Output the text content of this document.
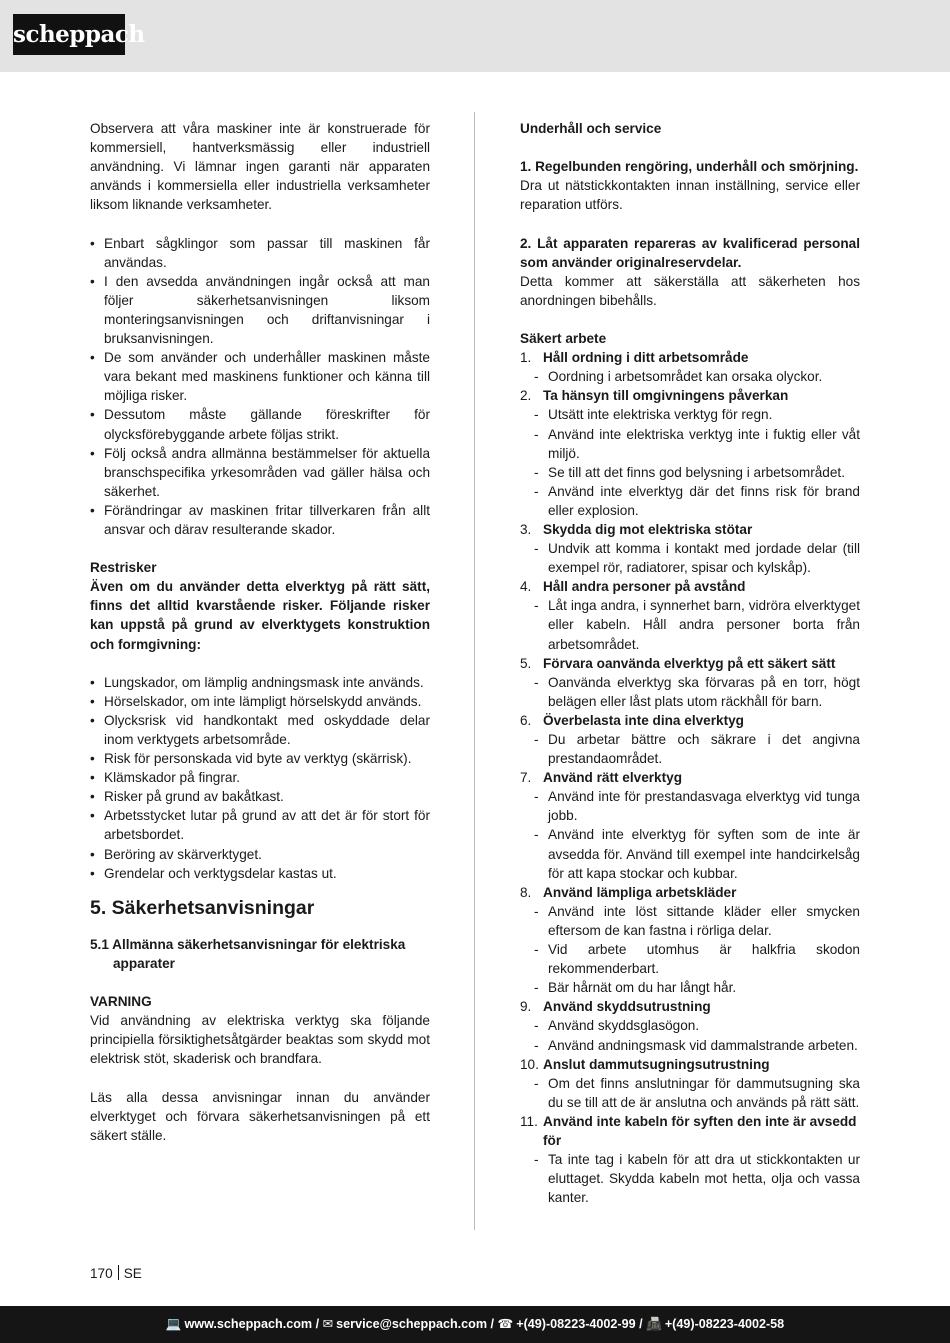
scheppach

Observera att våra maskiner inte är konstruerade för kommersiell, hantverksmässig eller industriell användning. Vi lämnar ingen garanti när apparaten används i kommersiella eller industriella verksamheter liksom liknande verksamheter.

• Enbart sågklingor som passar till maskinen får användas.
• I den avsedda användningen ingår också att man följer säkerhetsanvisningen liksom monteringsanvisningen och driftanvisningar i bruksanvisningen.
• De som använder och underhåller maskinen måste vara bekant med maskinens funktioner och känna till möjliga risker.
• Dessutom måste gällande föreskrifter för olycksförebyggande arbete följas strikt.
• Följ också andra allmänna bestämmelser för aktuella branschspecifika yrkesområden vad gäller hälsa och säkerhet.
• Förändringar av maskinen fritar tillverkaren från allt ansvar och därav resulterande skador.

Restrisker

Även om du använder detta elverktyg på rätt sätt, finns det alltid kvarstående risker. Följande risker kan uppstå på grund av elverktygets konstruktion och formgivning:

• Lungskador, om lämplig andningsmask inte används.
• Hörselskador, om inte lämpligt hörselskydd används.
• Olycksrisk vid handkontakt med oskyddade delar inom verktygets arbetsområde.
• Risk för personskada vid byte av verktyg (skärrisk).
• Klämskador på fingrar.
• Risker på grund av bakåtkast.
• Arbetsstycket lutar på grund av att det är för stort för arbetsbordet.
• Beröring av skärverktyget.
• Grendelar och verktygsdelar kastas ut.

5. Säkerhetsanvisningar

5.1 Allmänna säkerhetsanvisningar för elektriska apparater

VARNING

Vid användning av elektriska verktyg ska följande principiella försiktighetsåtgärder beaktas som skydd mot elektrisk stöt, skaderisk och brandfara.

Läs alla dessa anvisningar innan du använder elverktyget och förvara säkerhetsanvisningen på ett säkert ställe.

Underhåll och service

1. Regelbunden rengöring, underhåll och smörjning.

Dra ut nätstickkontakten innan inställning, service eller reparation utförs.

2. Låt apparaten repareras av kvalificerad personal som använder originalreservdelar.

Detta kommer att säkerställa att säkerheten hos anordningen bibehålls.

Säkert arbete

1. Håll ordning i ditt arbetsområde
- Oordning i arbetsområdet kan orsaka olyckor.
2. Ta hänsyn till omgivningens påverkan
- Utsätt inte elektriska verktyg för regn.
- Använd inte elektriska verktyg inte i fuktig eller våt miljö.
- Se till att det finns god belysning i arbetsområdet.
- Använd inte elverktyg där det finns risk för brand eller explosion.
3. Skydda dig mot elektriska stötar
- Undvik att komma i kontakt med jordade delar (till exempel rör, radiatorer, spisar och kylskåp).
4. Håll andra personer på avstånd
- Låt inga andra, i synnerhet barn, vidröra elverktyget eller kabeln. Håll andra personer borta från arbetsområdet.
5. Förvara oanvända elverktyg på ett säkert sätt
- Oanvända elverktyg ska förvaras på en torr, högt belägen eller låst plats utom räckhåll för barn.
6. Överbelasta inte dina elverktyg
- Du arbetar bättre och säkrare i det angivna prestandaområdet.
7. Använd rätt elverktyg
- Använd inte för prestandasvaga elverktyg vid tunga jobb.
- Använd inte elverktyg för syften som de inte är avsedda för. Använd till exempel inte handcirkelsåg för att kapa stockar och kubbar.
8. Använd lämpliga arbetskläder
- Använd inte löst sittande kläder eller smycken eftersom de kan fastna i rörliga delar.
- Vid arbete utomhus är halkfria skodon rekommenderbart.
- Bär hårnät om du har långt hår.
9. Använd skyddsutrustning
- Använd skyddsglasögon.
- Använd andningsmask vid dammalstrande arbeten.
10. Anslut dammutsugningsutrustning
- Om det finns anslutningar för dammutsugning ska du se till att de är anslutna och används på rätt sätt.
11. Använd inte kabeln för syften den inte är avsedd för
- Ta inte tag i kabeln för att dra ut stickkontakten ur eluttaget. Skydda kabeln mot hetta, olja och vassa kanter.
170 SE
💻 www.scheppach.com / ✉ service@scheppach.com / ☎ +(49)-08223-4002-99 / 📠 +(49)-08223-4002-58
